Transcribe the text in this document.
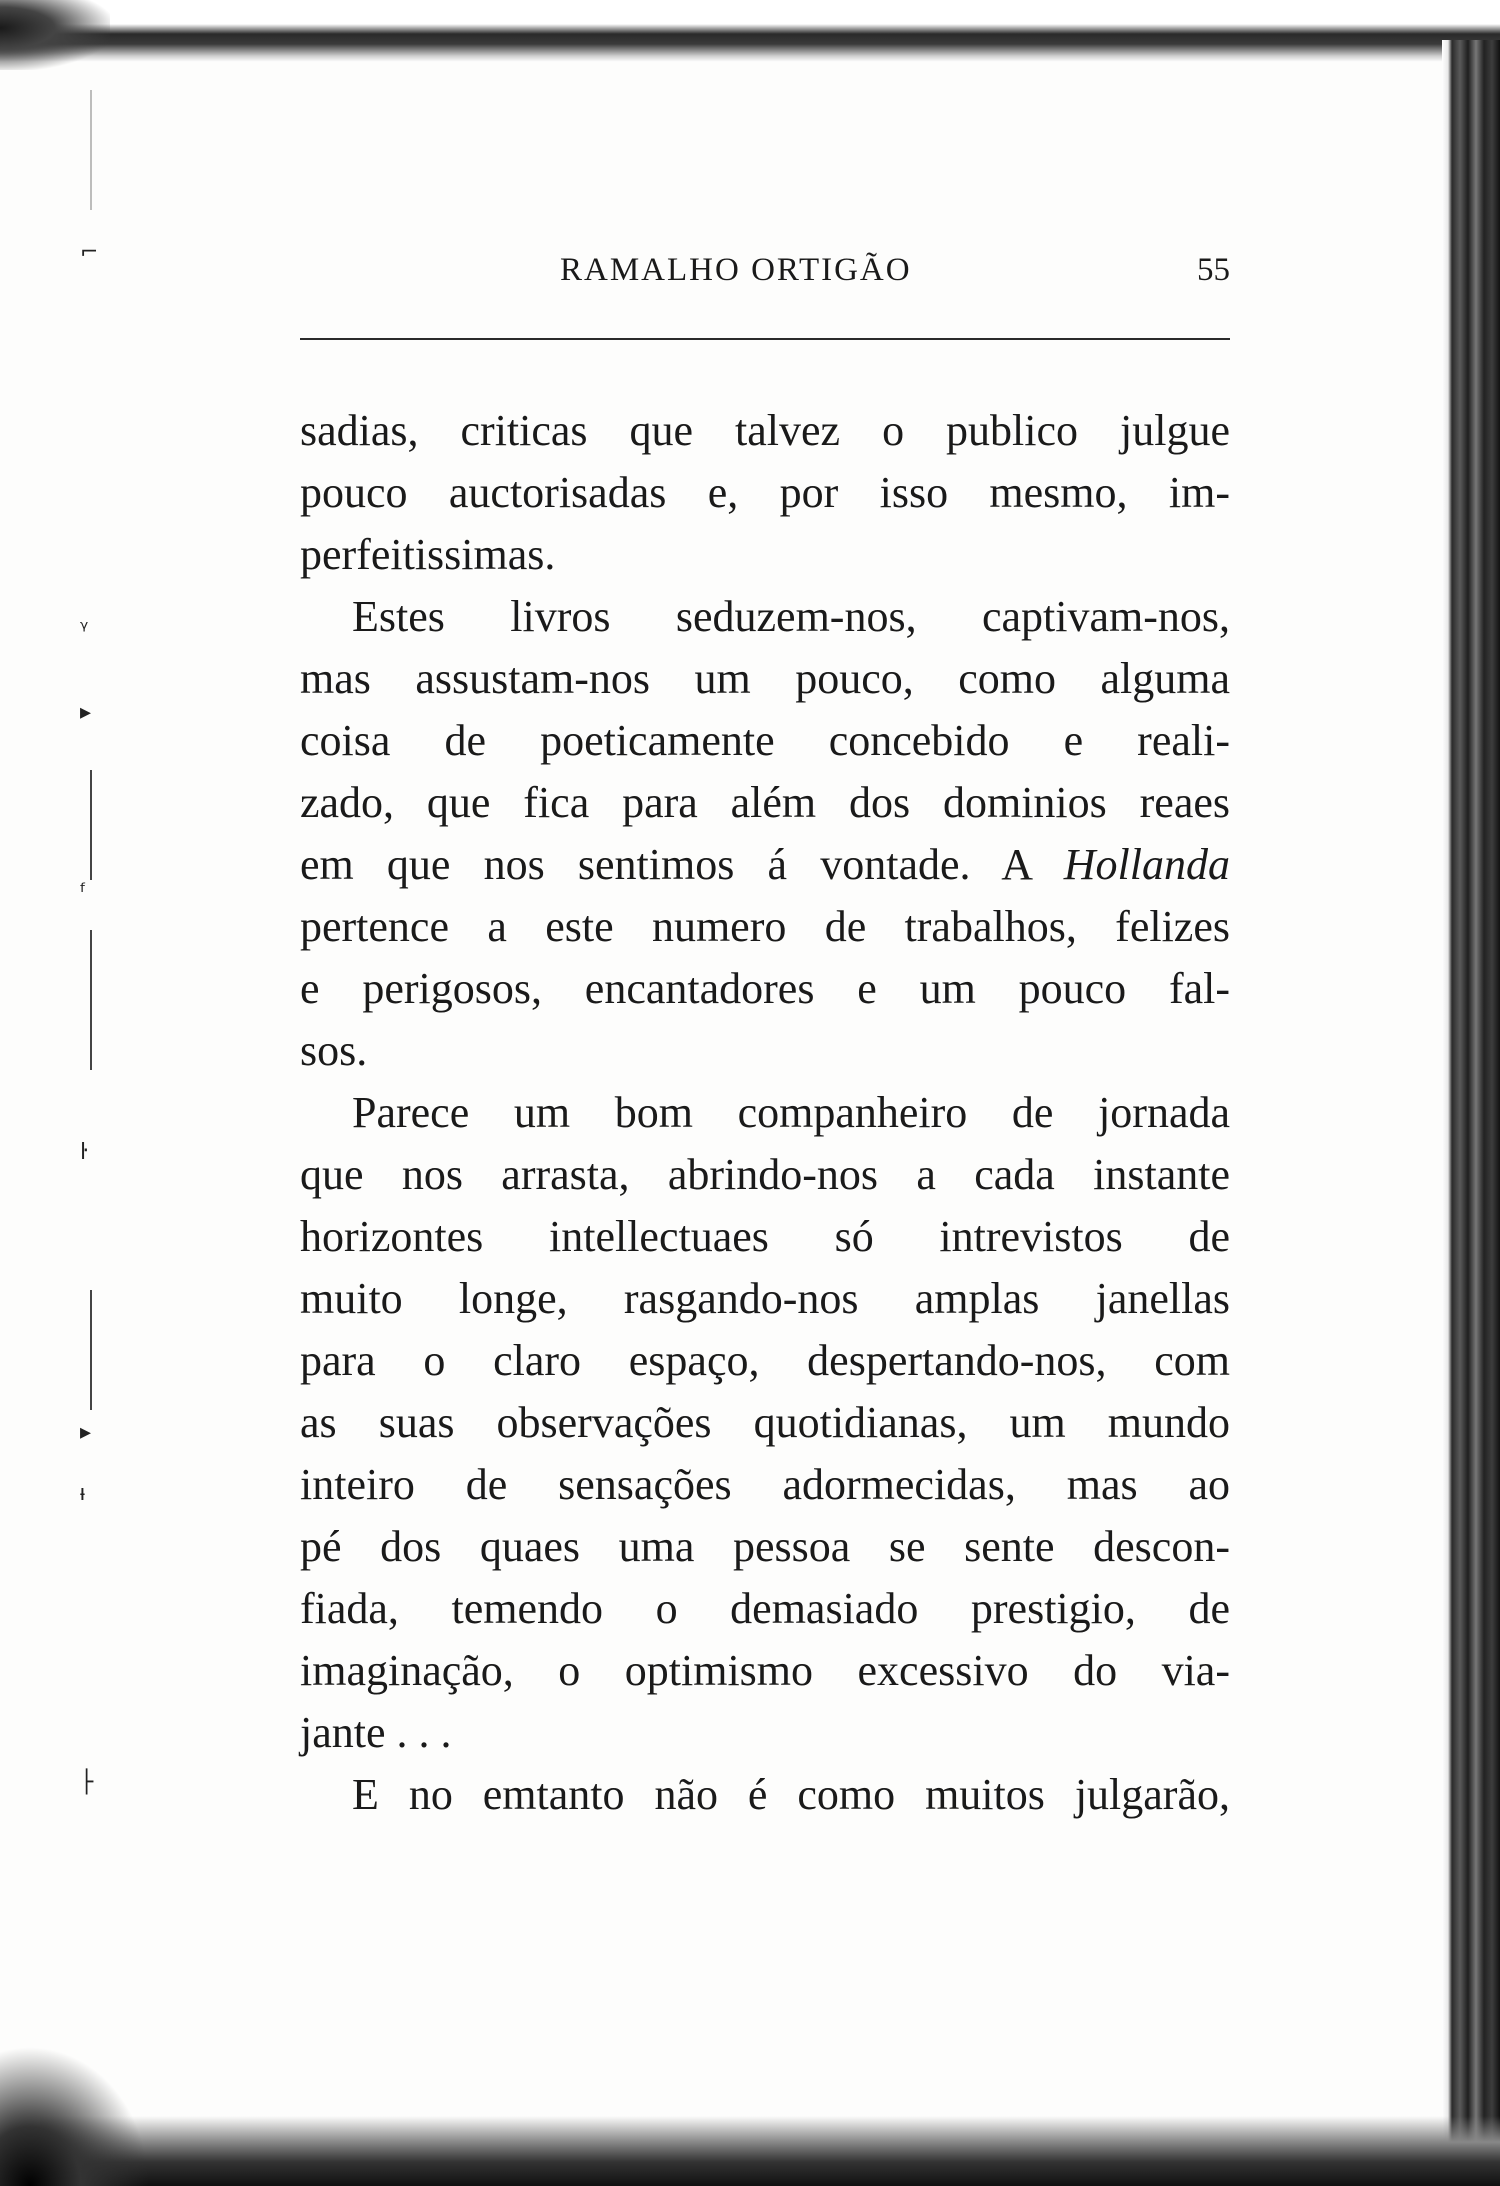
⌐
ᵧ
▸
ᶠ
ŀ
▸
ᵼ
├
RAMALHO ORTIGÃO	55
sadias, criticas que talvez o publico julgue
pouco auctorisadas e, por isso mesmo, im-
perfeitissimas.
Estes livros seduzem-nos, captivam-nos,
mas assustam-nos um pouco, como alguma
coisa de poeticamente concebido e reali-
zado, que fica para além dos dominios reaes
em que nos sentimos á vontade. A Hollanda
pertence a este numero de trabalhos, felizes
e perigosos, encantadores e um pouco fal-
sos.
Parece um bom companheiro de jornada
que nos arrasta, abrindo-nos a cada instante
horizontes intellectuaes só intrevistos de
muito longe, rasgando-nos amplas janellas
para o claro espaço, despertando-nos, com
as suas observações quotidianas, um mundo
inteiro de sensações adormecidas, mas ao
pé dos quaes uma pessoa se sente descon-
fiada, temendo o demasiado prestigio, de
imaginação, o optimismo excessivo do via-
jante . . .
E no emtanto não é como muitos julgarão,
